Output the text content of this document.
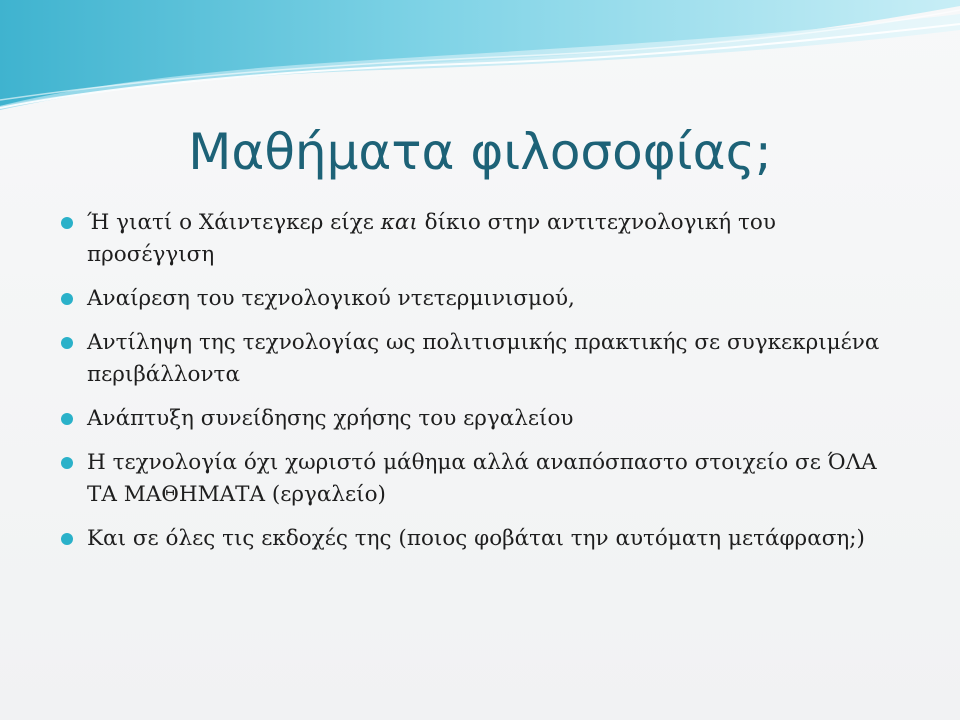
Μαθήματα φιλοσοφίας;
Ή γιατί ο Χάιντεγκερ είχε και δίκιο στην αντιτεχνολογική του προσέγγιση
Αναίρεση του τεχνολογικού ντετερμινισμού,
Αντίληψη της τεχνολογίας ως πολιτισμικής πρακτικής σε συγκεκριμένα περιβάλλοντα
Ανάπτυξη συνείδησης χρήσης του εργαλείου
Η τεχνολογία όχι χωριστό μάθημα αλλά αναπόσπαστο στοιχείο σε ΌΛΑ ΤΑ ΜΑΘΗΜΑΤΑ (εργαλείο)
Και σε όλες τις εκδοχές της (ποιος φοβάται την αυτόματη μετάφραση;)
